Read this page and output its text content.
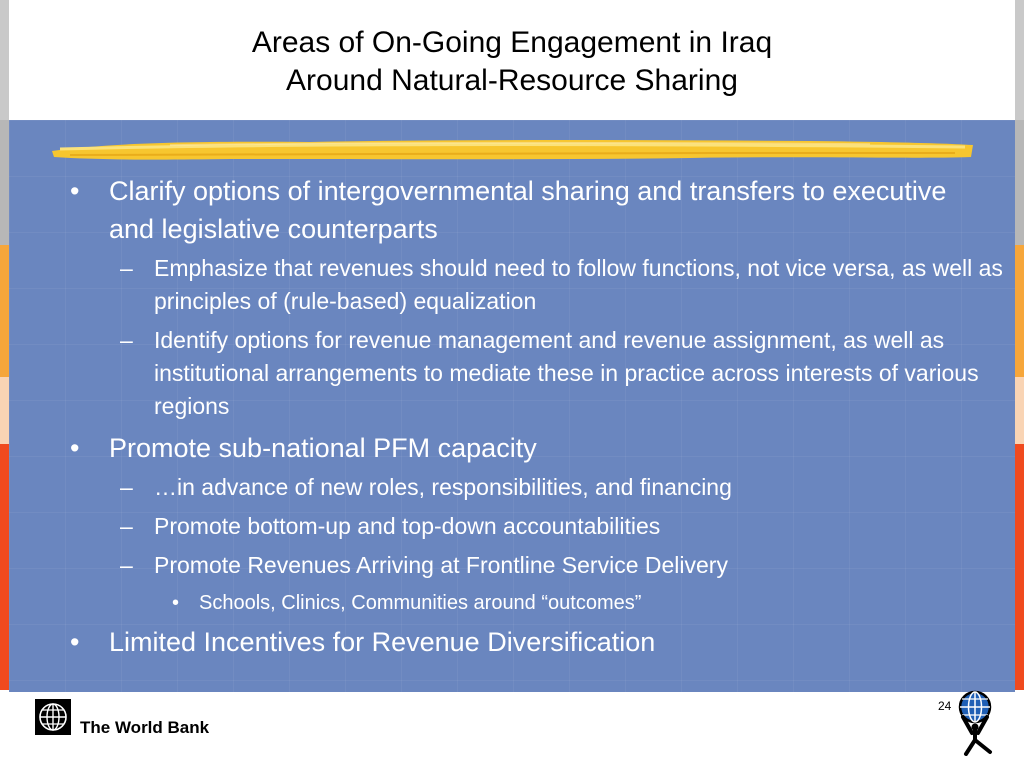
Areas of On-Going Engagement in Iraq
Around Natural-Resource Sharing
• Clarify options of intergovernmental sharing and transfers to executive and legislative counterparts
– Emphasize that revenues should need to follow functions, not vice versa, as well as principles of (rule-based) equalization
– Identify options for revenue management and revenue assignment, as well as institutional arrangements to mediate these in practice across interests of various regions
• Promote sub-national PFM capacity
– …in advance of new roles, responsibilities, and financing
– Promote bottom-up and top-down accountabilities
– Promote Revenues Arriving at Frontline Service Delivery
• Schools, Clinics, Communities around “outcomes”
• Limited Incentives for Revenue Diversification
The World Bank
24
